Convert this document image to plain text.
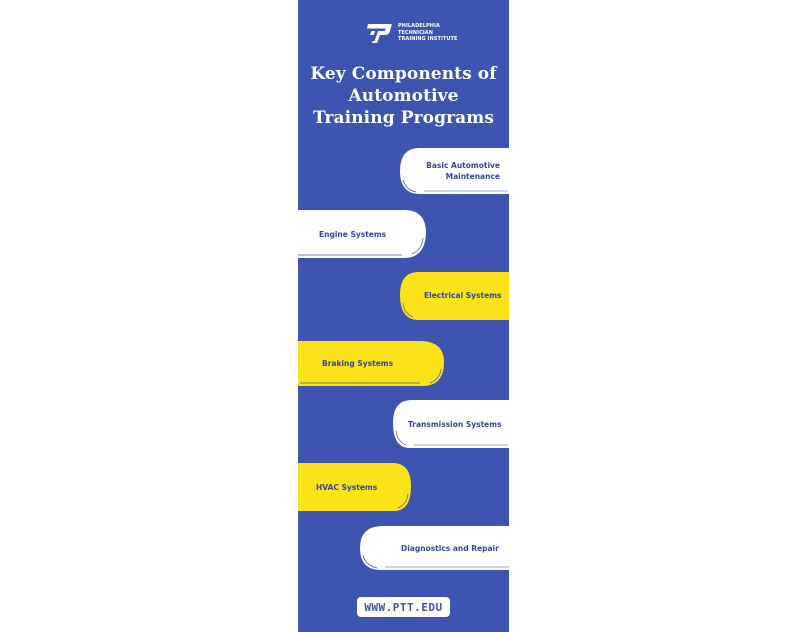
PHILADELPHIA
TECHNICIAN
TRAINING INSTITUTE
Key Components of
Automotive
Training Programs
Basic Automotive Maintenance
Engine Systems
Electrical Systems
Braking Systems
Transmission Systems
HVAC Systems
Diagnostics and Repair
WWW.PTT.EDU
